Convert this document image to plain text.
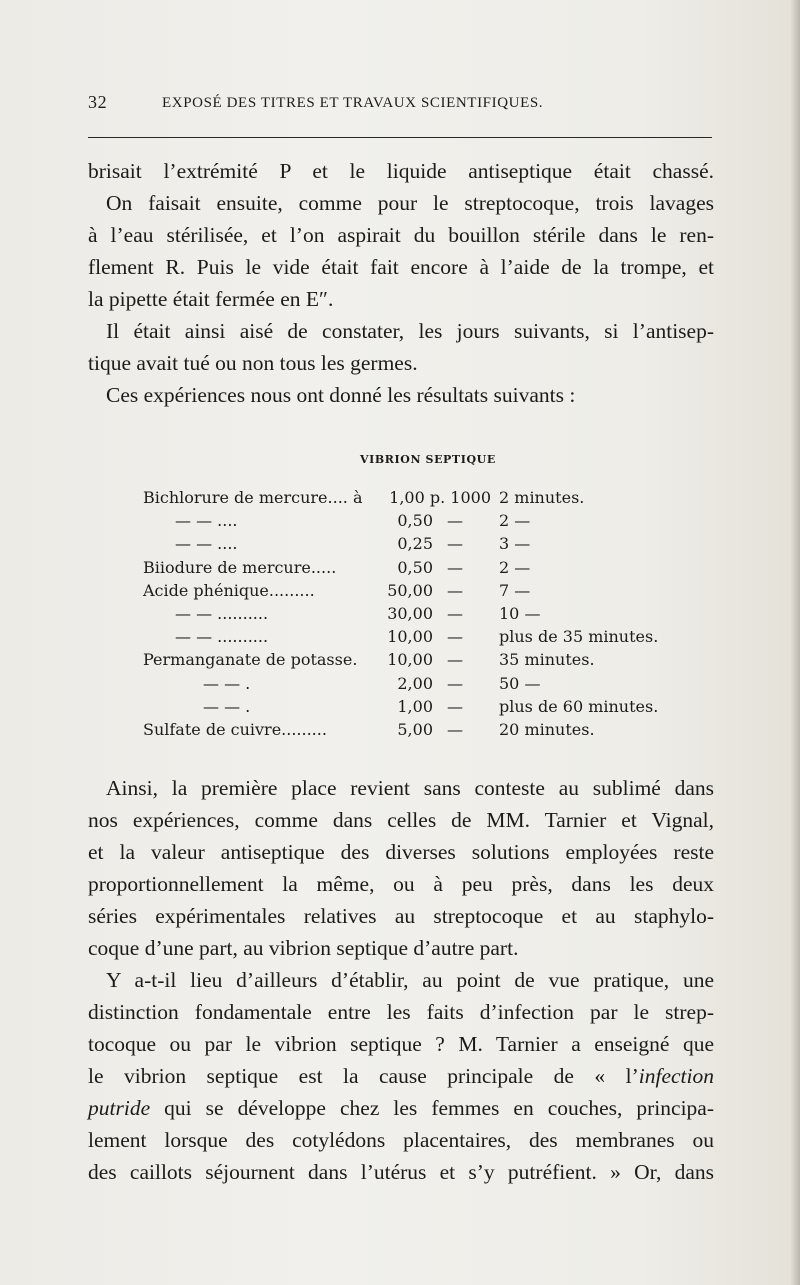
32	EXPOSÉ DES TITRES ET TRAVAUX SCIENTIFIQUES.
brisait l’extrémité P et le liquide antiseptique était chassé.
On faisait ensuite, comme pour le streptocoque, trois lavages
à l’eau stérilisée, et l’on aspirait du bouillon stérile dans le ren-
flement R. Puis le vide était fait encore à l’aide de la trompe, et
la pipette était fermée en E″.
Il était ainsi aisé de constater, les jours suivants, si l’antisep-
tique avait tué ou non tous les germes.
Ces expériences nous ont donné les résultats suivants :
VIBRION SEPTIQUE
Bichlorure de mercure.... à	1,00 p. 1000 2 minutes.
— — ....	0,50 — 2 —
— — ....	0,25 — 3 —
Biiodure de mercure.....	0,50 — 2 —
Acide phénique.........	50,00 — 7 —
— — ..........	30,00 — 10 —
— — ..........	10,00 — plus de 35 minutes.
Permanganate de potasse.	10,00 — 35 minutes.
— — .	2,00 — 50 —
— — .	1,00 — plus de 60 minutes.
Sulfate de cuivre.........	5,00 — 20 minutes.
Ainsi, la première place revient sans conteste au sublimé dans
nos expériences, comme dans celles de MM. Tarnier et Vignal,
et la valeur antiseptique des diverses solutions employées reste
proportionnellement la même, ou à peu près, dans les deux
séries expérimentales relatives au streptocoque et au staphylo-
coque d’une part, au vibrion septique d’autre part.
Y a-t-il lieu d’ailleurs d’établir, au point de vue pratique, une
distinction fondamentale entre les faits d’infection par le strep-
tocoque ou par le vibrion septique ? M. Tarnier a enseigné que
le vibrion septique est la cause principale de « l’infection
putride qui se développe chez les femmes en couches, principa-
lement lorsque des cotylédons placentaires, des membranes ou
des caillots séjournent dans l’utérus et s’y putréfient. » Or, dans
